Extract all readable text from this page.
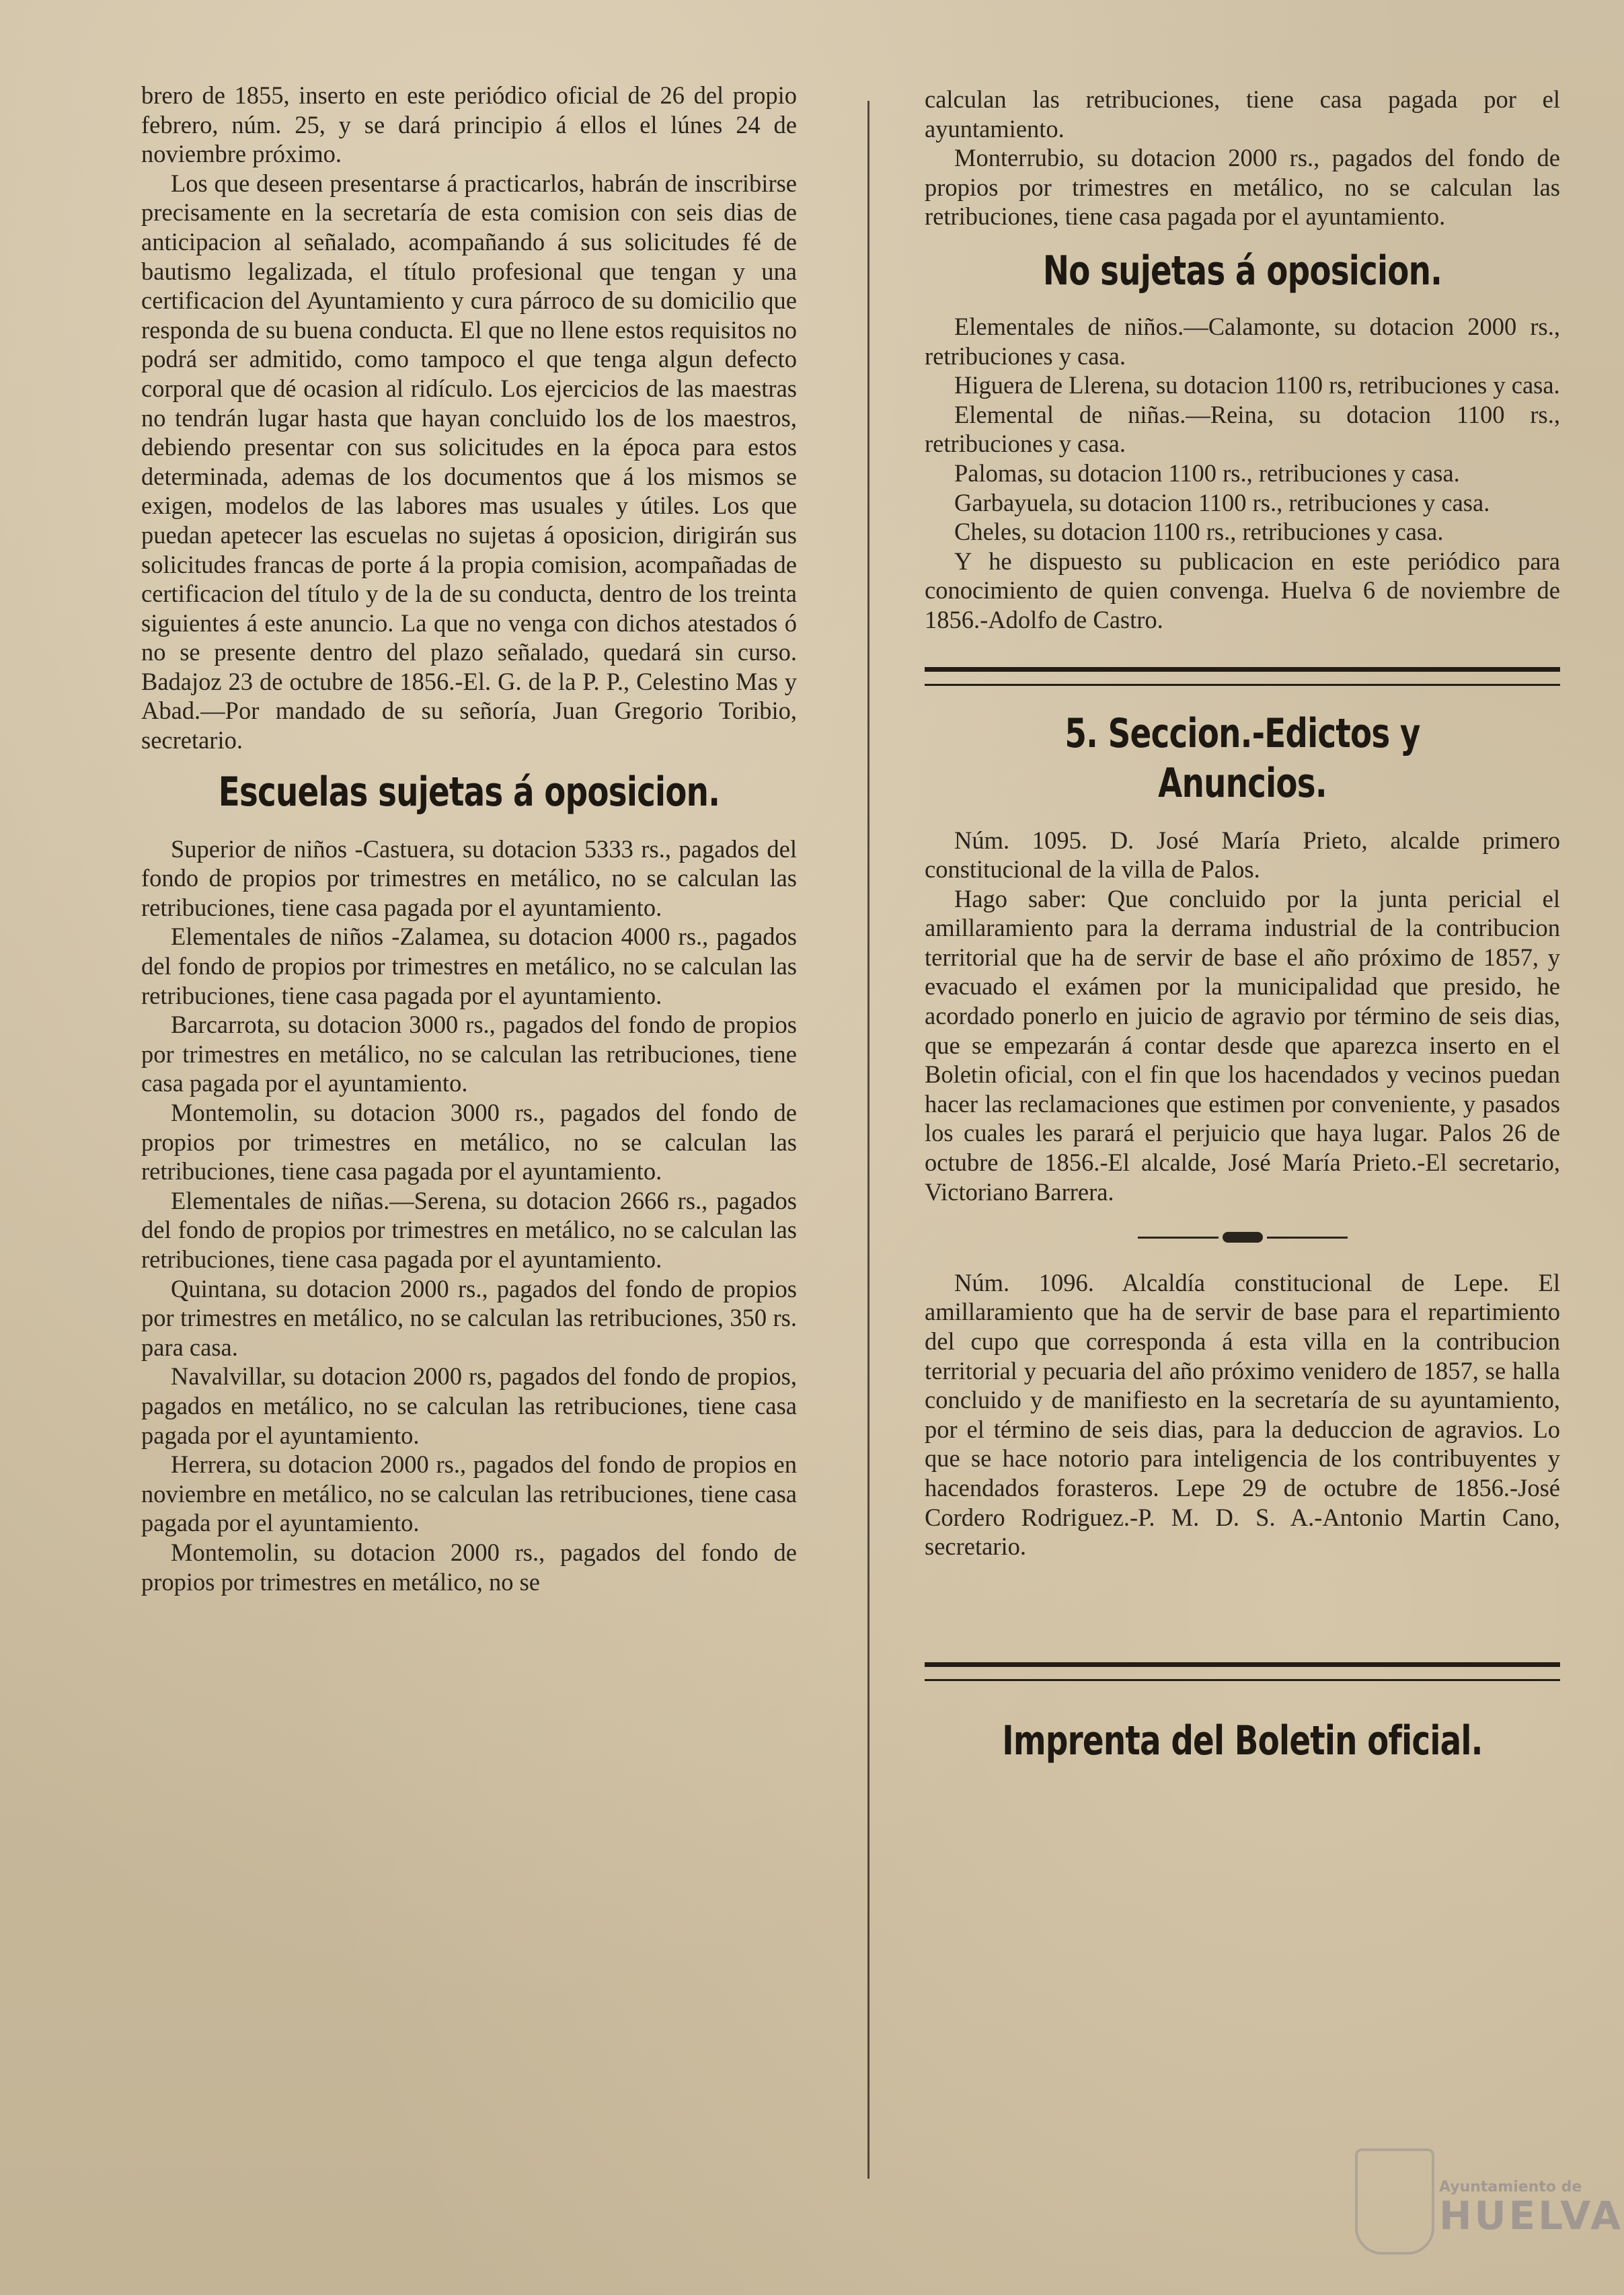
brero de 1855, inserto en este periódico oficial de 26 del propio febrero, núm. 25, y se dará principio á ellos el lúnes 24 de noviembre próximo.

Los que deseen presentarse á practicarlos, habrán de inscribirse precisamente en la secretaría de esta comision con seis dias de anticipacion al señalado, acompañando á sus solicitudes fé de bautismo legalizada, el título profesional que tengan y una certificacion del Ayuntamiento y cura párroco de su domicilio que responda de su buena conducta. El que no llene estos requisitos no podrá ser admitido, como tampoco el que tenga algun defecto corporal que dé ocasion al ridículo. Los ejercicios de las maestras no tendrán lugar hasta que hayan concluido los de los maestros, debiendo presentar con sus solicitudes en la época para estos determinada, ademas de los documentos que á los mismos se exigen, modelos de las labores mas usuales y útiles. Los que puedan apetecer las escuelas no sujetas á oposicion, dirigirán sus solicitudes francas de porte á la propia comision, acompañadas de certificacion del título y de la de su conducta, dentro de los treinta siguientes á este anuncio. La que no venga con dichos atestados ó no se presente dentro del plazo señalado, quedará sin curso. Badajoz 23 de octubre de 1856.-El. G. de la P. P., Celestino Mas y Abad.—Por mandado de su señoría, Juan Gregorio Toribio, secretario.

Escuelas sujetas á oposicion.

Superior de niños -Castuera, su dotacion 5333 rs., pagados del fondo de propios por trimestres en metálico, no se calculan las retribuciones, tiene casa pagada por el ayuntamiento.

Elementales de niños -Zalamea, su dotacion 4000 rs., pagados del fondo de propios por trimestres en metálico, no se calculan las retribuciones, tiene casa pagada por el ayuntamiento.

Barcarrota, su dotacion 3000 rs., pagados del fondo de propios por trimestres en metálico, no se calculan las retribuciones, tiene casa pagada por el ayuntamiento.

Montemolin, su dotacion 3000 rs., pagados del fondo de propios por trimestres en metálico, no se calculan las retribuciones, tiene casa pagada por el ayuntamiento.

Elementales de niñas.—Serena, su dotacion 2666 rs., pagados del fondo de propios por trimestres en metálico, no se calculan las retribuciones, tiene casa pagada por el ayuntamiento.

Quintana, su dotacion 2000 rs., pagados del fondo de propios por trimestres en metálico, no se calculan las retribuciones, 350 rs. para casa.

Navalvillar, su dotacion 2000 rs, pagados del fondo de propios, pagados en metálico, no se calculan las retribuciones, tiene casa pagada por el ayuntamiento.

Herrera, su dotacion 2000 rs., pagados del fondo de propios en noviembre en metálico, no se calculan las retribuciones, tiene casa pagada por el ayuntamiento.

Montemolin, su dotacion 2000 rs., pagados del fondo de propios por trimestres en metálico, no se

calculan las retribuciones, tiene casa pagada por el ayuntamiento.

Monterrubio, su dotacion 2000 rs., pagados del fondo de propios por trimestres en metálico, no se calculan las retribuciones, tiene casa pagada por el ayuntamiento.

No sujetas á oposicion.

Elementales de niños.—Calamonte, su dotacion 2000 rs., retribuciones y casa.

Higuera de Llerena, su dotacion 1100 rs, retribuciones y casa.

Elemental de niñas.—Reina, su dotacion 1100 rs., retribuciones y casa.

Palomas, su dotacion 1100 rs., retribuciones y casa.

Garbayuela, su dotacion 1100 rs., retribuciones y casa.

Cheles, su dotacion 1100 rs., retribuciones y casa.

Y he dispuesto su publicacion en este periódico para conocimiento de quien convenga. Huelva 6 de noviembre de 1856.-Adolfo de Castro.

5. Seccion.-Edictos y Anuncios.

Núm. 1095. D. José María Prieto, alcalde primero constitucional de la villa de Palos.

Hago saber: Que concluido por la junta pericial el amillaramiento para la derrama industrial de la contribucion territorial que ha de servir de base el año próximo de 1857, y evacuado el exámen por la municipalidad que presido, he acordado ponerlo en juicio de agravio por término de seis dias, que se empezarán á contar desde que aparezca inserto en el Boletin oficial, con el fin que los hacendados y vecinos puedan hacer las reclamaciones que estimen por conveniente, y pasados los cuales les parará el perjuicio que haya lugar. Palos 26 de octubre de 1856.-El alcalde, José María Prieto.-El secretario, Victoriano Barrera.

Núm. 1096. Alcaldía constitucional de Lepe. El amillaramiento que ha de servir de base para el repartimiento del cupo que corresponda á esta villa en la contribucion territorial y pecuaria del año próximo venidero de 1857, se halla concluido y de manifiesto en la secretaría de su ayuntamiento, por el término de seis dias, para la deduccion de agravios. Lo que se hace notorio para inteligencia de los contribuyentes y hacendados forasteros. Lepe 29 de octubre de 1856.-José Cordero Rodriguez.-P. M. D. S. A.-Antonio Martin Cano, secretario.

Imprenta del Boletin oficial.

Ayuntamiento de
HUELVA
